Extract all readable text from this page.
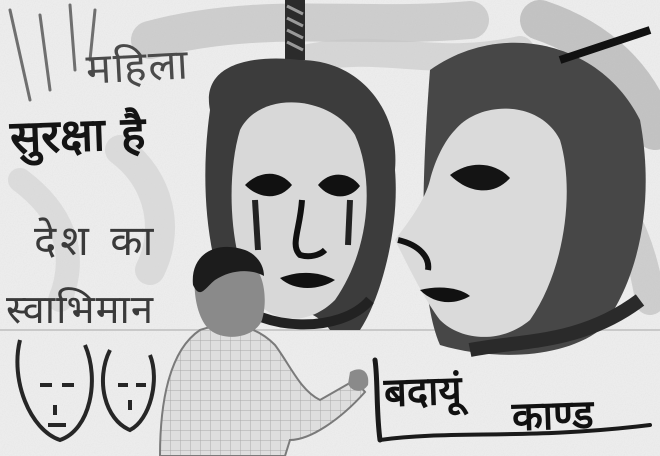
महिला

सुरक्षा है

देश का

स्वाभिमान

बदायूं काण्ड
